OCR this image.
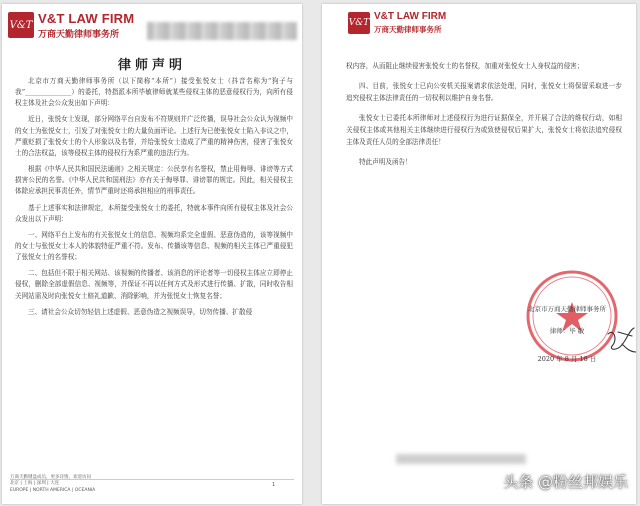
V&T V&T LAW FIRM
万商天勤律师事务所
律师声明

北京市万商天勤律师事务所（以下简称“本所”）接受张悦女士（抖音名称为“狗子与我”______________）的委托，特指派本所毕敏律师就某些侵权主体的恶意侵权行为，向所有侵权主体及社会公众发出如下声明：

近日，张悦女士发现，部分网络平台自发布不符规则并广泛传播，误导社会公众认为视频中的女士为张悦女士，引发了对张悦女士的大量负面评论。上述行为已使张悦女士陷入非议之中，严重贬损了张悦女士的个人形象以及名誉，并给张悦女士造成了严重的精神伤害，侵害了张悦女士的合法权益，该等侵权主体的侵权行为系严重的违法行为。

根据《中华人民共和国民法通则》之相关规定：公民享有名誉权，禁止用侮辱、诽谤等方式损害公民的名誉。《中华人民共和国刑法》亦有关于侮辱罪、诽谤罪的规定。因此，相关侵权主体除应承担民事责任外，情节严重时还将承担相应的刑事责任。

基于上述事实和法律规定，本所接受张悦女士的委托，特就本事件向所有侵权主体及社会公众发出以下声明：

一、网络平台上发布的有关张悦女士的信息、视频均系完全虚假、恶意伪造的，该等视频中的女士与张悦女士本人的体貌特征严重不符。发布、传播该等信息、视频的相关主体已严重侵犯了张悦女士的名誉权；

二、包括但不限于相关网站、该视频的传播者、该消息的评论者等一切侵权主体应立即停止侵权，删除全部虚假信息、视频等，并保证不再以任何方式及形式进行传播、扩散，同时收告相关网站需及时向张悦女士赔礼道歉、消除影响，并为张悦女士恢复名誉；

三、请社会公众切勿轻信上述虚假、恶意伪造之视频误导，切勿传播、扩散侵

万商天勤键盘成员，更多详情，欢迎访问
北京 | 上海 | 深圳 | 大连
EUROPE | NORTH AMERICA | OCEANIA
1
V&T
V&T LAW FIRM
万商天勤律师事务所

权内容，从而阻止继续侵害张悦女士的名誉权，加重对张悦女士人身权益的侵害；

四、目前，张悦女士已向公安机关报案请求依法处理，同时，张悦女士将保留采取进一步追究侵权主体法律责任的一切权利以维护自身名誉。

张悦女士已委托本所律师对上述侵权行为进行证据保全，并开展了合法的维权行动，如相关侵权主体或其他相关主体继续进行侵权行为或致使侵权后果扩大，张悦女士将依法追究侵权主体及责任人员的全部法律责任！

特此声明及函告！

北京市万商天勤律师事务所
律师：毕 敏
2020 年 8 月 18 日
头条 @粉丝邦娱乐
